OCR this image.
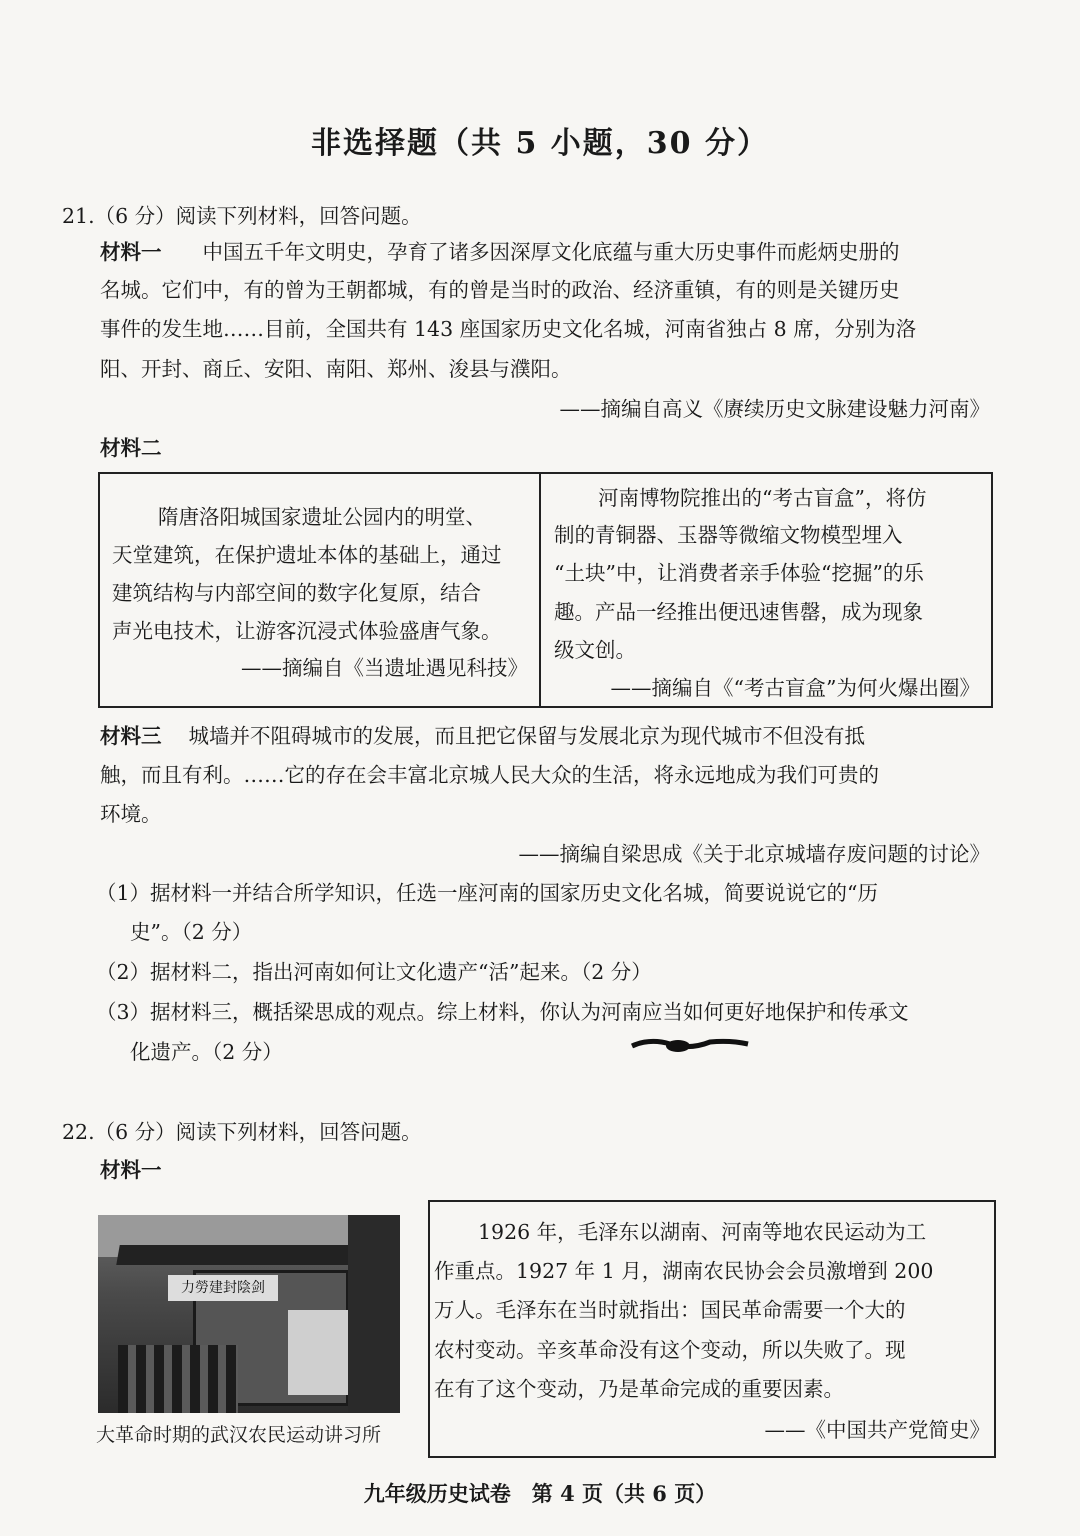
非选择题（共 5 小题，30 分）
21.（6 分）阅读下列材料，回答问题。
材料一　　 中国五千年文明史，孕育了诸多因深厚文化底蕴与重大历史事件而彪炳史册的
名城。它们中，有的曾为王朝都城，有的曾是当时的政治、经济重镇，有的则是关键历史
事件的发生地……目前，全国共有 143 座国家历史文化名城，河南省独占 8 席，分别为洛
阳、开封、商丘、安阳、南阳、郑州、浚县与濮阳。
——摘编自高义《赓续历史文脉建设魅力河南》
材料二
隋唐洛阳城国家遗址公园内的明堂、
天堂建筑，在保护遗址本体的基础上，通过
建筑结构与内部空间的数字化复原，结合
声光电技术，让游客沉浸式体验盛唐气象。
——摘编自《当遗址遇见科技》
河南博物院推出的“考古盲盒”，将仿
制的青铜器、玉器等微缩文物模型埋入
“土块”中，让消费者亲手体验“挖掘”的乐
趣。产品一经推出便迅速售罄，成为现象
级文创。
——摘编自《“考古盲盒”为何火爆出圈》
材料三　 城墙并不阻碍城市的发展，而且把它保留与发展北京为现代城市不但没有抵
触，而且有利。……它的存在会丰富北京城人民大众的生活，将永远地成为我们可贵的
环境。
——摘编自梁思成《关于北京城墙存废问题的讨论》
（1）据材料一并结合所学知识，任选一座河南的国家历史文化名城，简要说说它的“历
史”。（2 分）
（2）据材料二，指出河南如何让文化遗产“活”起来。（2 分）
（3）据材料三，概括梁思成的观点。综上材料，你认为河南应当如何更好地保护和传承文
化遗产。（2 分）
22.（6 分）阅读下列材料，回答问题。
材料一
力勞建封陰剑
大革命时期的武汉农民运动讲习所
1926 年，毛泽东以湖南、河南等地农民运动为工
作重点。1927 年 1 月，湖南农民协会会员激增到 200
万人。毛泽东在当时就指出：国民革命需要一个大的
农村变动。辛亥革命没有这个变动，所以失败了。现
在有了这个变动，乃是革命完成的重要因素。
——《中国共产党简史》
九年级历史试卷　第 4 页（共 6 页）
